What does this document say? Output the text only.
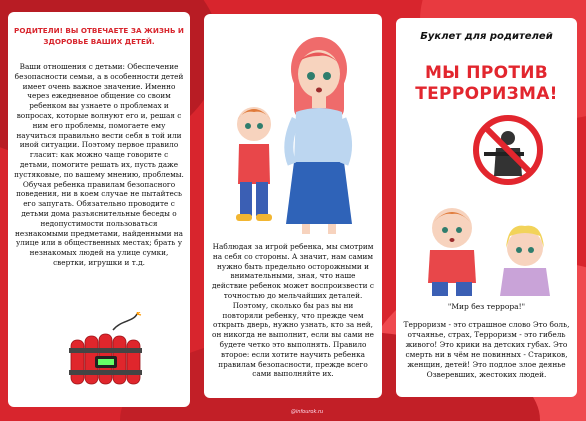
РОДИТЕЛИ! ВЫ ОТВЕЧАЕТЕ ЗА ЖИЗНЬ И ЗДОРОВЬЕ ВАШИХ ДЕТЕЙ.
Ваши отношения с детьми: Обеспечение безопасности семьи, а в особенности детей имеет очень важное значение. Именно через ежедневное общение со своим ребенком вы узнаете о проблемах и вопросах, которые волнуют его и, решая с ним его проблемы, помогаете ему научиться правильно вести себя в той или иной ситуации. Поэтому первое правило гласит: как можно чаще говорите с детьми, помогите решать их, пусть даже пустяковые, по вашему мнению, проблемы. Обучая ребенка правилам безопасного поведения, ни в коем случае не пытайтесь его запугать. Обязательно проводите с детьми дома разъяснительные беседы о недопустимости пользоваться незнакомыми предметами, найденными на улице или в общественных местах; брать у незнакомых людей на улице сумки, свертки, игрушки и т.д.
Наблюдая за игрой ребенка, мы смотрим на себя со стороны. А значит, нам самим нужно быть предельно осторожными и внимательными, зная, что наше действие ребенок может воспроизвести с точностью до мельчайших деталей. Поэтому, сколько бы раз вы ни повторяли ребенку, что прежде чем открыть дверь, нужно узнать, кто за ней, он никогда не выполнит, если вы сами не будете четко это выполнять. Правило второе: если хотите научить ребенка правилам безопасности, прежде всего сами выполняйте их.
Буклет для родителей
МЫ ПРОТИВ
ТЕРРОРИЗМА!
"Мир без террора!"
Терроризм - это страшное слово Это боль, отчаянье, страх, Терроризм - это гибель живого! Это крики на детских губах. Это смерть ни в чём не повинных - Стариков, женщин, детей! Это подлое злое деянье Озверевших, жестоких людей.
@infourok.ru
